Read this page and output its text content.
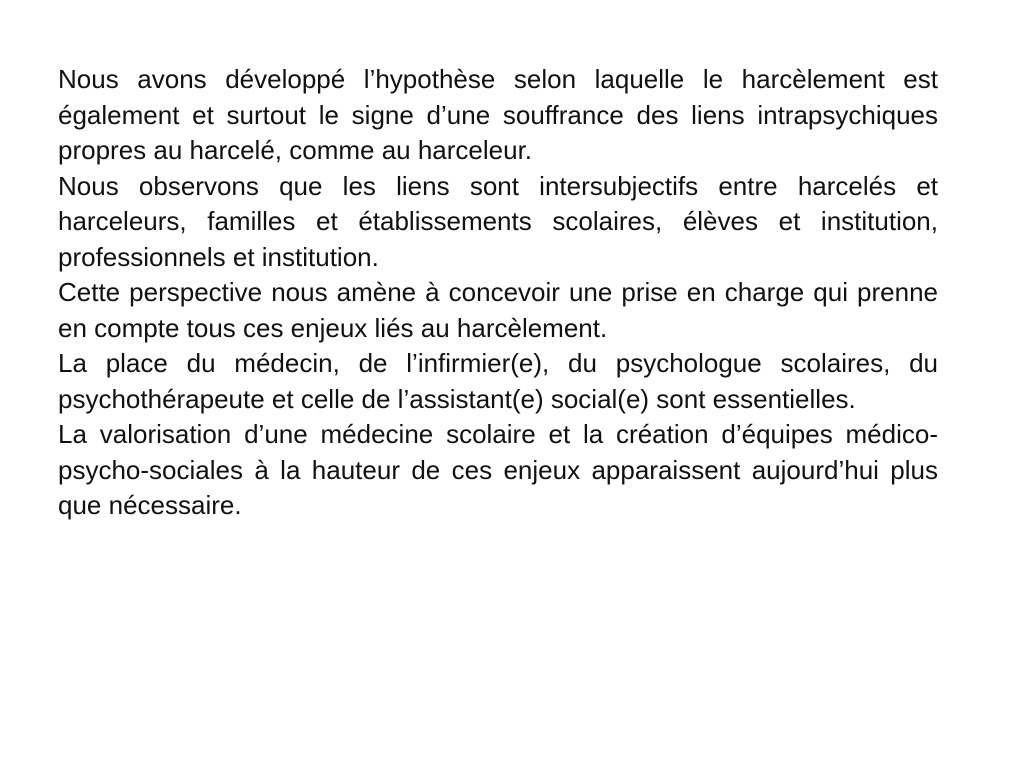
Nous avons développé l’hypothèse selon laquelle le harcèlement est également et surtout le signe d’une souffrance des liens intrapsychiques propres au harcelé, comme au harceleur.

Nous observons que les liens sont intersubjectifs entre harcelés et harceleurs, familles et établissements scolaires, élèves et institution, professionnels et institution.

Cette perspective nous amène à concevoir une prise en charge qui prenne en compte tous ces enjeux liés au harcèlement.

La place du médecin, de l’infirmier(e), du psychologue scolaires, du psychothérapeute et celle de l’assistant(e) social(e) sont essentielles.

La valorisation d’une médecine scolaire et la création d’équipes médico-psycho-sociales à la hauteur de ces enjeux apparaissent aujourd’hui plus que nécessaire.
